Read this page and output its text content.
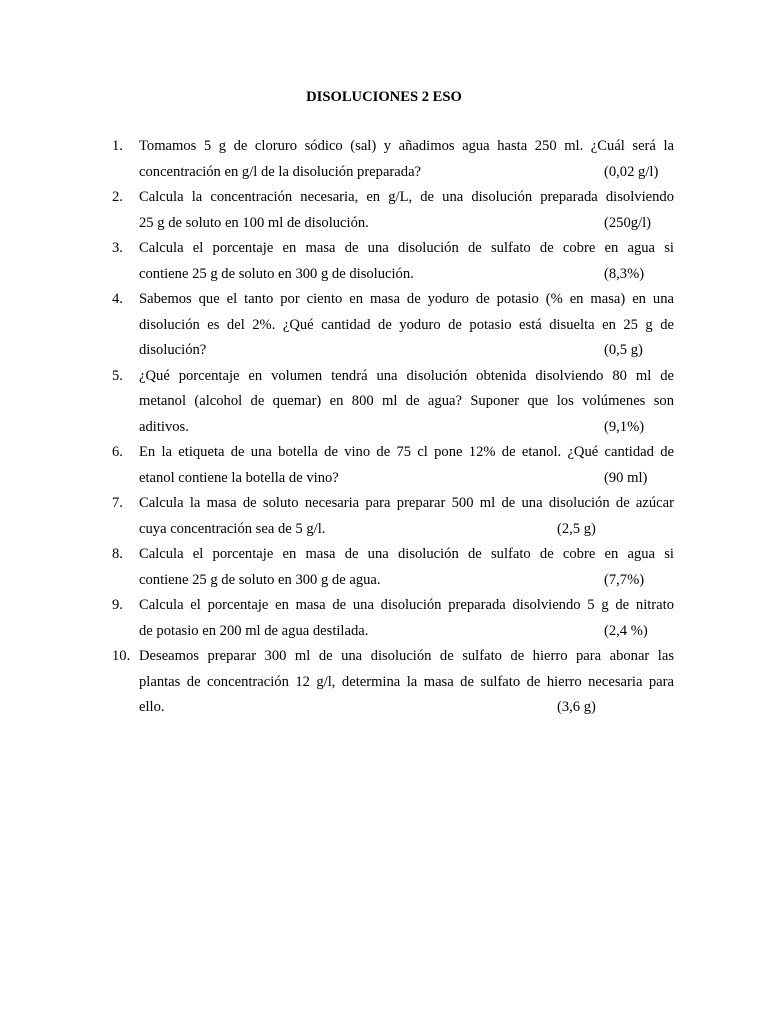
DISOLUCIONES 2 ESO
1.	Tomamos 5 g de cloruro sódico (sal) y añadimos agua hasta 250 ml. ¿Cuál será la
concentración en g/l de la disolución preparada?	(0,02 g/l)
2.	Calcula la concentración necesaria, en g/L, de una disolución preparada disolviendo
25 g de soluto en 100 ml de disolución.	(250g/l)
3.	Calcula el porcentaje en masa de una disolución de sulfato de cobre en agua si
contiene 25 g de soluto en 300 g de disolución.	(8,3%)
4.	Sabemos que el tanto por ciento en masa de yoduro de potasio (% en masa) en una
disolución es del 2%. ¿Qué cantidad de yoduro de potasio está disuelta en 25 g de
disolución?	(0,5 g)
5.	¿Qué porcentaje en volumen tendrá una disolución obtenida disolviendo 80 ml de
metanol (alcohol de quemar) en 800 ml de agua? Suponer que los volúmenes son
aditivos.	(9,1%)
6.	En la etiqueta de una botella de vino de 75 cl pone 12% de etanol. ¿Qué cantidad de
etanol contiene la botella de vino?	(90 ml)
7.	Calcula la masa de soluto necesaria para preparar 500 ml de una disolución de azúcar
cuya concentración sea de 5 g/l.	(2,5 g)
8.	Calcula el porcentaje en masa de una disolución de sulfato de cobre en agua si
contiene 25 g de soluto en 300 g de agua.	(7,7%)
9.	Calcula el porcentaje en masa de una disolución preparada disolviendo 5 g de nitrato
de potasio en 200 ml de agua destilada.	(2,4 %)
10. Deseamos preparar 300 ml de una disolución de sulfato de hierro para abonar las
plantas de concentración 12 g/l, determina la masa de sulfato de hierro necesaria para
ello.	(3,6 g)
